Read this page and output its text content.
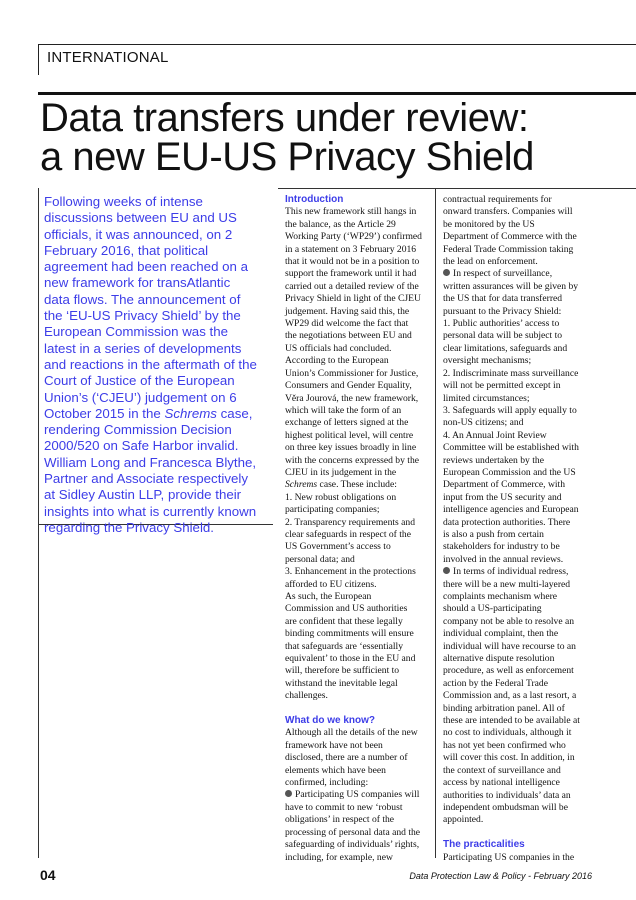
INTERNATIONAL
Data transfers under review:
a new EU-US Privacy Shield
Following weeks of intense
discussions between EU and US
officials, it was announced, on 2
February 2016, that political
agreement had been reached on a
new framework for transAtlantic
data flows. The announcement of
the ‘EU-US Privacy Shield’ by the
European Commission was the
latest in a series of developments
and reactions in the aftermath of the
Court of Justice of the European
Union’s (‘CJEU’) judgement on 6
October 2015 in the Schrems case,
rendering Commission Decision
2000/520 on Safe Harbor invalid.
William Long and Francesca Blythe,
Partner and Associate respectively
at Sidley Austin LLP, provide their
insights into what is currently known
regarding the Privacy Shield.
Introduction
This new framework still hangs in
the balance, as the Article 29
Working Party (‘WP29’) confirmed
in a statement on 3 February 2016
that it would not be in a position to
support the framework until it had
carried out a detailed review of the
Privacy Shield in light of the CJEU
judgement. Having said this, the
WP29 did welcome the fact that
the negotiations between EU and
US officials had concluded.
According to the European
Union’s Commissioner for Justice,
Consumers and Gender Equality,
Věra Jourová, the new framework,
which will take the form of an
exchange of letters signed at the
highest political level, will centre
on three key issues broadly in line
with the concerns expressed by the
CJEU in its judgement in the
Schrems case. These include:
1. New robust obligations on
participating companies;
2. Transparency requirements and
clear safeguards in respect of the
US Government’s access to
personal data; and
3. Enhancement in the protections
afforded to EU citizens.
As such, the European
Commission and US authorities
are confident that these legally
binding commitments will ensure
that safeguards are ‘essentially
equivalent’ to those in the EU and
will, therefore be sufficient to
withstand the inevitable legal
challenges.
What do we know?
Although all the details of the new
framework have not been
disclosed, there are a number of
elements which have been
confirmed, including:
Participating US companies will
have to commit to new ‘robust
obligations’ in respect of the
processing of personal data and the
safeguarding of individuals’ rights,
including, for example, new
contractual requirements for
onward transfers. Companies will
be monitored by the US
Department of Commerce with the
Federal Trade Commission taking
the lead on enforcement.
In respect of surveillance,
written assurances will be given by
the US that for data transferred
pursuant to the Privacy Shield:
1. Public authorities’ access to
personal data will be subject to
clear limitations, safeguards and
oversight mechanisms;
2. Indiscriminate mass surveillance
will not be permitted except in
limited circumstances;
3. Safeguards will apply equally to
non-US citizens; and
4. An Annual Joint Review
Committee will be established with
reviews undertaken by the
European Commission and the US
Department of Commerce, with
input from the US security and
intelligence agencies and European
data protection authorities. There
is also a push from certain
stakeholders for industry to be
involved in the annual reviews.
In terms of individual redress,
there will be a new multi-layered
complaints mechanism where
should a US-participating
company not be able to resolve an
individual complaint, then the
individual will have recourse to an
alternative dispute resolution
procedure, as well as enforcement
action by the Federal Trade
Commission and, as a last resort, a
binding arbitration panel. All of
these are intended to be available at
no cost to individuals, although it
has not yet been confirmed who
will cover this cost. In addition, in
the context of surveillance and
access by national intelligence
authorities to individuals’ data an
independent ombudsman will be
appointed.
The practicalities
Participating US companies in the
04	Data Protection Law & Policy - February 2016
